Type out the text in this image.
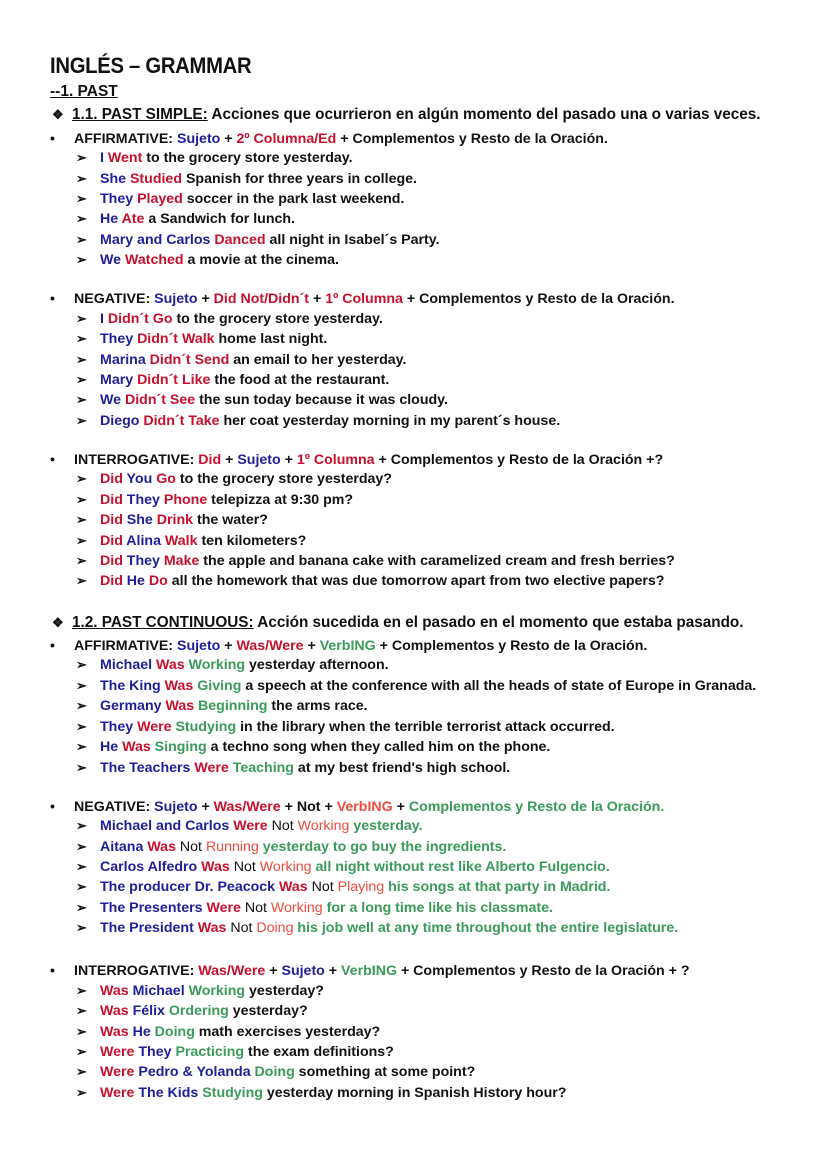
INGLÉS – GRAMMAR
--1. PAST
❖ 1.1. PAST SIMPLE: Acciones que ocurrieron en algún momento del pasado una o varias veces.
• AFFIRMATIVE: Sujeto + 2º Columna/Ed + Complementos y Resto de la Oración.
➢ I Went to the grocery store yesterday.
➢ She Studied Spanish for three years in college.
➢ They Played soccer in the park last weekend.
➢ He Ate a Sandwich for lunch.
➢ Mary and Carlos Danced all night in Isabel´s Party.
➢ We Watched a movie at the cinema.
• NEGATIVE: Sujeto + Did Not/Didn´t + 1º Columna + Complementos y Resto de la Oración.
➢ I Didn´t Go to the grocery store yesterday.
➢ They Didn´t Walk home last night.
➢ Marina Didn´t Send an email to her yesterday.
➢ Mary Didn´t Like the food at the restaurant.
➢ We Didn´t See the sun today because it was cloudy.
➢ Diego Didn´t Take her coat yesterday morning in my parent´s house.
• INTERROGATIVE: Did + Sujeto + 1º Columna + Complementos y Resto de la Oración +?
➢ Did You Go to the grocery store yesterday?
➢ Did They Phone telepizza at 9:30 pm?
➢ Did She Drink the water?
➢ Did Alina Walk ten kilometers?
➢ Did They Make the apple and banana cake with caramelized cream and fresh berries?
➢ Did He Do all the homework that was due tomorrow apart from two elective papers?
❖ 1.2. PAST CONTINUOUS: Acción sucedida en el pasado en el momento que estaba pasando.
• AFFIRMATIVE: Sujeto + Was/Were + VerbING + Complementos y Resto de la Oración.
➢ Michael Was Working yesterday afternoon.
➢ The King Was Giving a speech at the conference with all the heads of state of Europe in Granada.
➢ Germany Was Beginning the arms race.
➢ They Were Studying in the library when the terrible terrorist attack occurred.
➢ He Was Singing a techno song when they called him on the phone.
➢ The Teachers Were Teaching at my best friend's high school.
• NEGATIVE: Sujeto + Was/Were + Not + VerbING + Complementos y Resto de la Oración.
➢ Michael and Carlos Were Not Working yesterday.
➢ Aitana Was Not Running yesterday to go buy the ingredients.
➢ Carlos Alfedro Was Not Working all night without rest like Alberto Fulgencio.
➢ The producer Dr. Peacock Was Not Playing his songs at that party in Madrid.
➢ The Presenters Were Not Working for a long time like his classmate.
➢ The President Was Not Doing his job well at any time throughout the entire legislature.
• INTERROGATIVE: Was/Were + Sujeto + VerbING + Complementos y Resto de la Oración + ?
➢ Was Michael Working yesterday?
➢ Was Félix Ordering yesterday?
➢ Was He Doing math exercises yesterday?
➢ Were They Practicing the exam definitions?
➢ Were Pedro & Yolanda Doing something at some point?
➢ Were The Kids Studying yesterday morning in Spanish History hour?
